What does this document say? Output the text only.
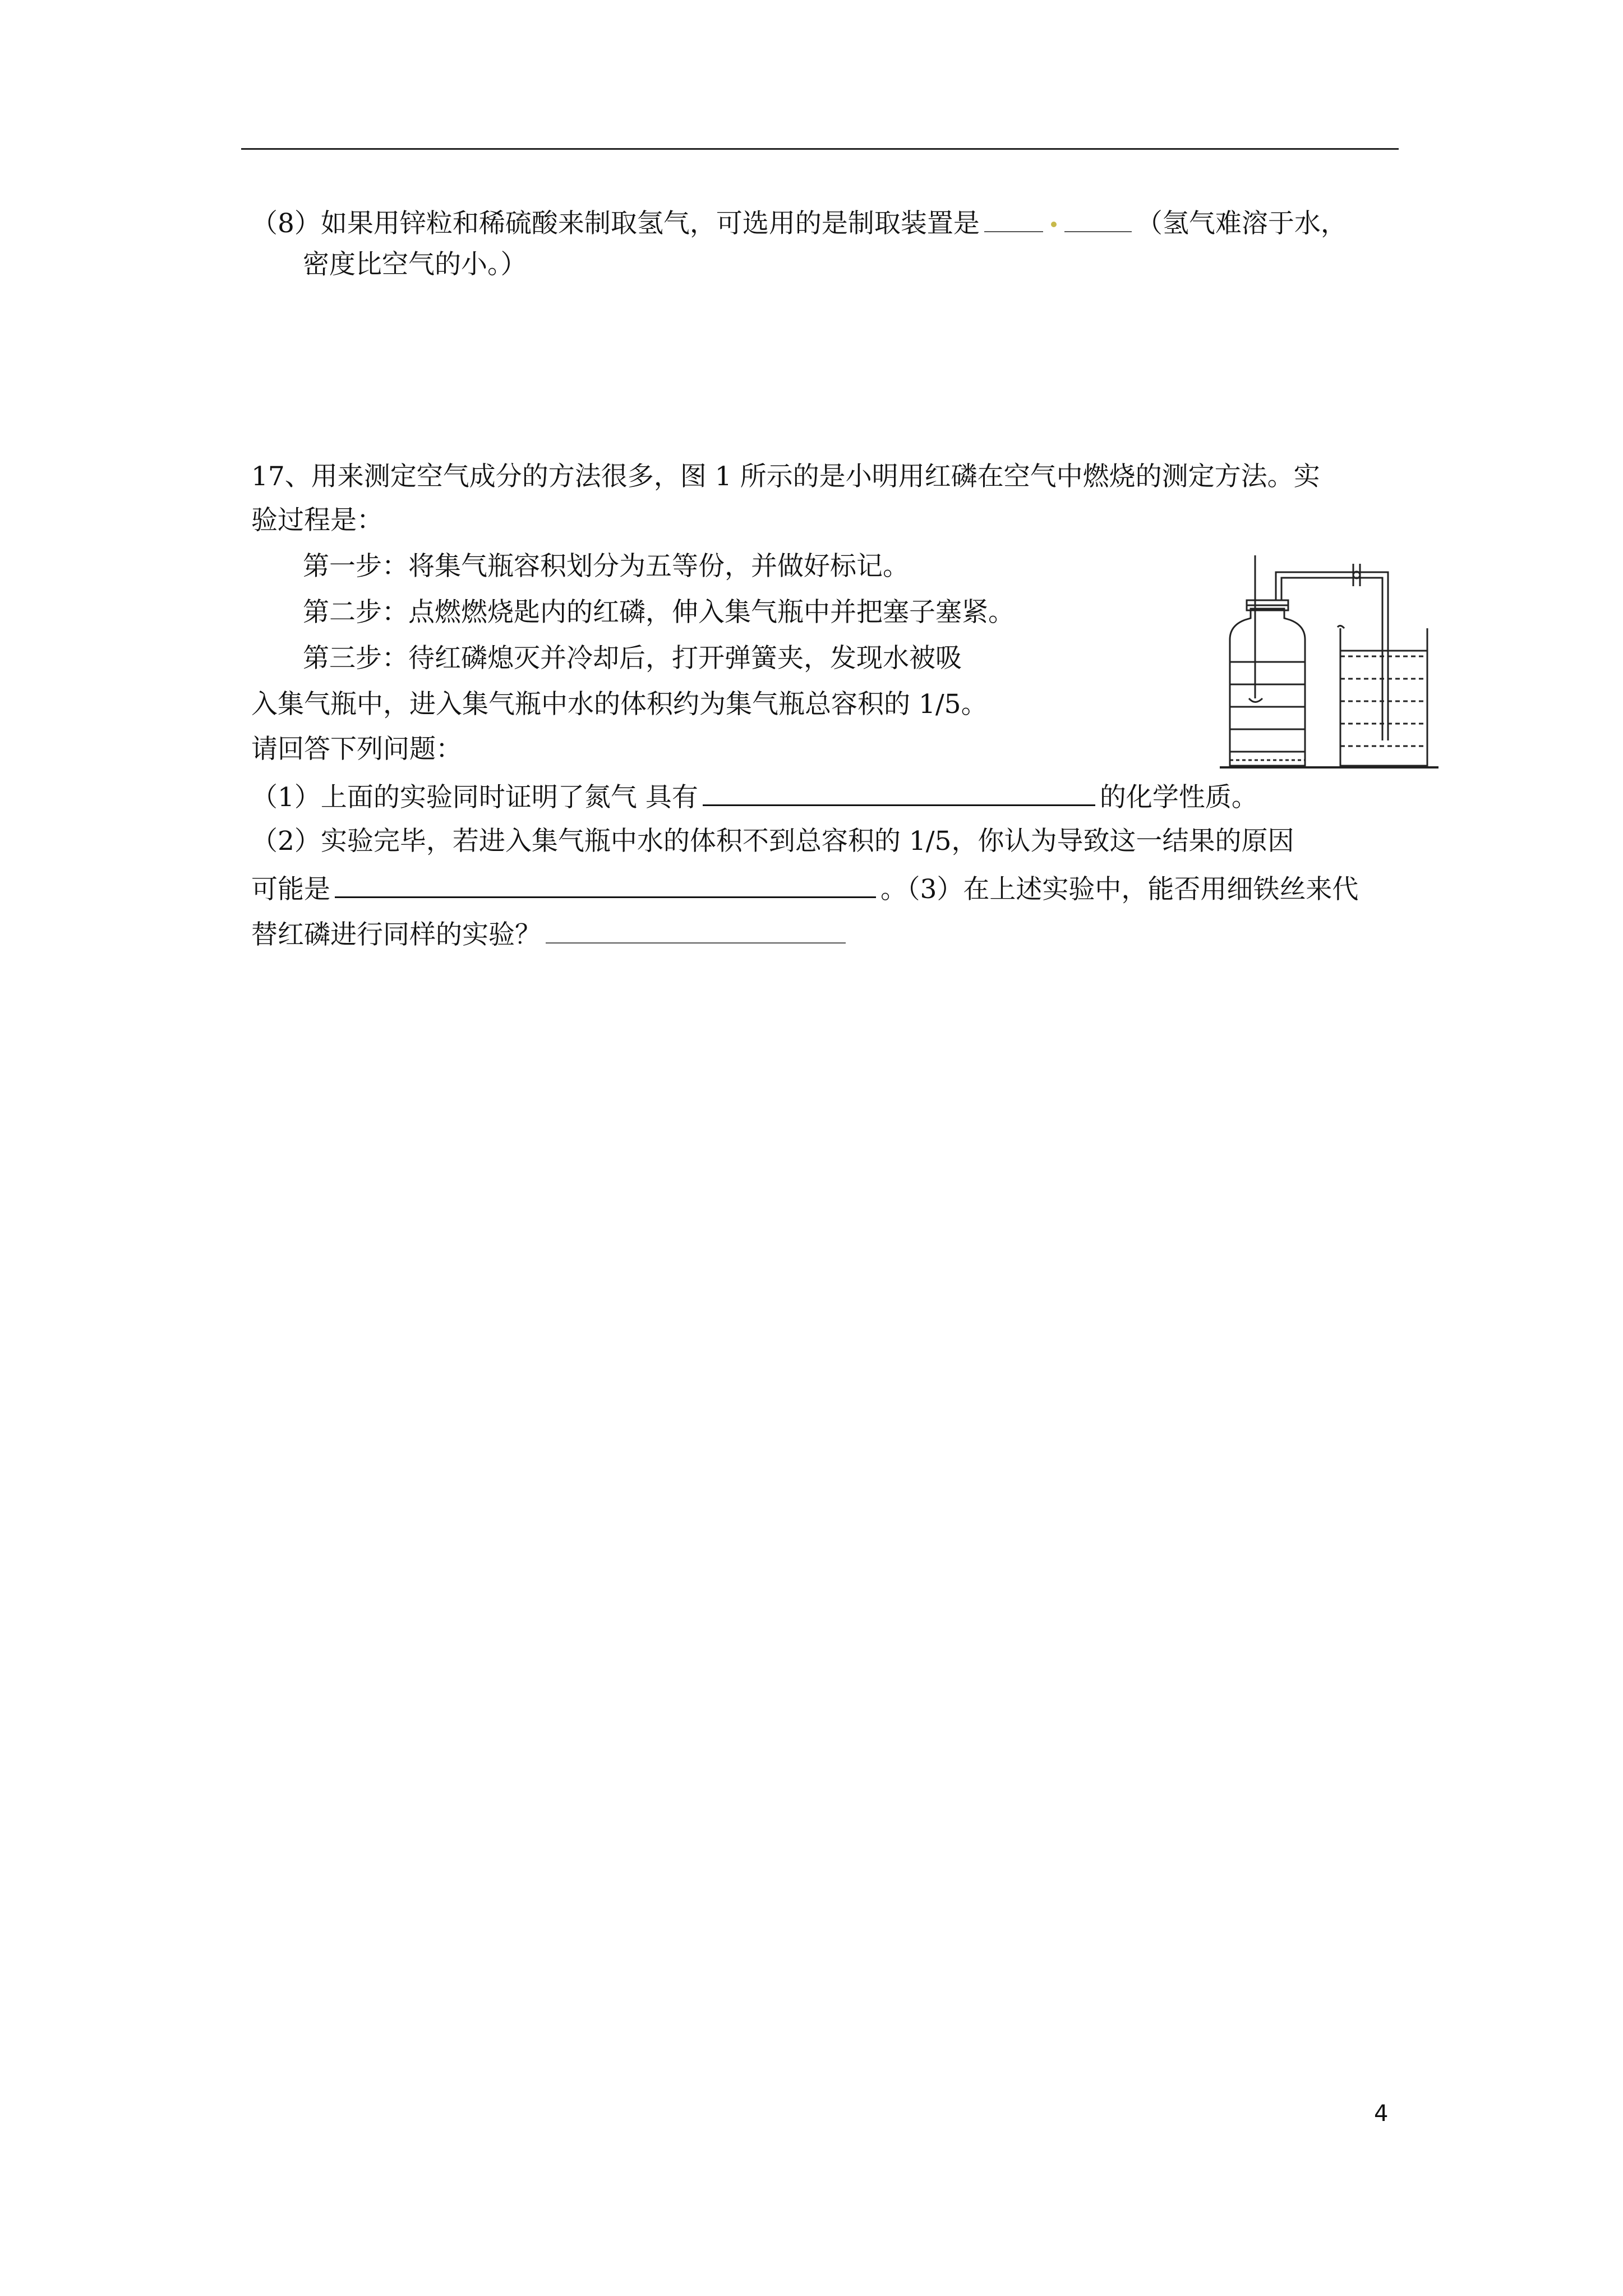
（8）如果用锌粒和稀硫酸来制取氢气，可选用的是制取装置是	（氢气难溶于水，
密度比空气的小。）
17、用来测定空气成分的方法很多，图 1 所示的是小明用红磷在空气中燃烧的测定方法。实
验过程是：
第一步：将集气瓶容积划分为五等份，并做好标记。
第二步：点燃燃烧匙内的红磷，伸入集气瓶中并把塞子塞紧。
第三步：待红磷熄灭并冷却后，打开弹簧夹，发现水被吸
入集气瓶中，进入集气瓶中水的体积约为集气瓶总容积的 1/5。
请回答下列问题：
（1）上面的实验同时证明了氮气 具有	的化学性质。
（2）实验完毕，若进入集气瓶中水的体积不到总容积的 1/5，你认为导致这一结果的原因
可能是	。（3）在上述实验中，能否用细铁丝来代
替红磷进行同样的实验？
4
